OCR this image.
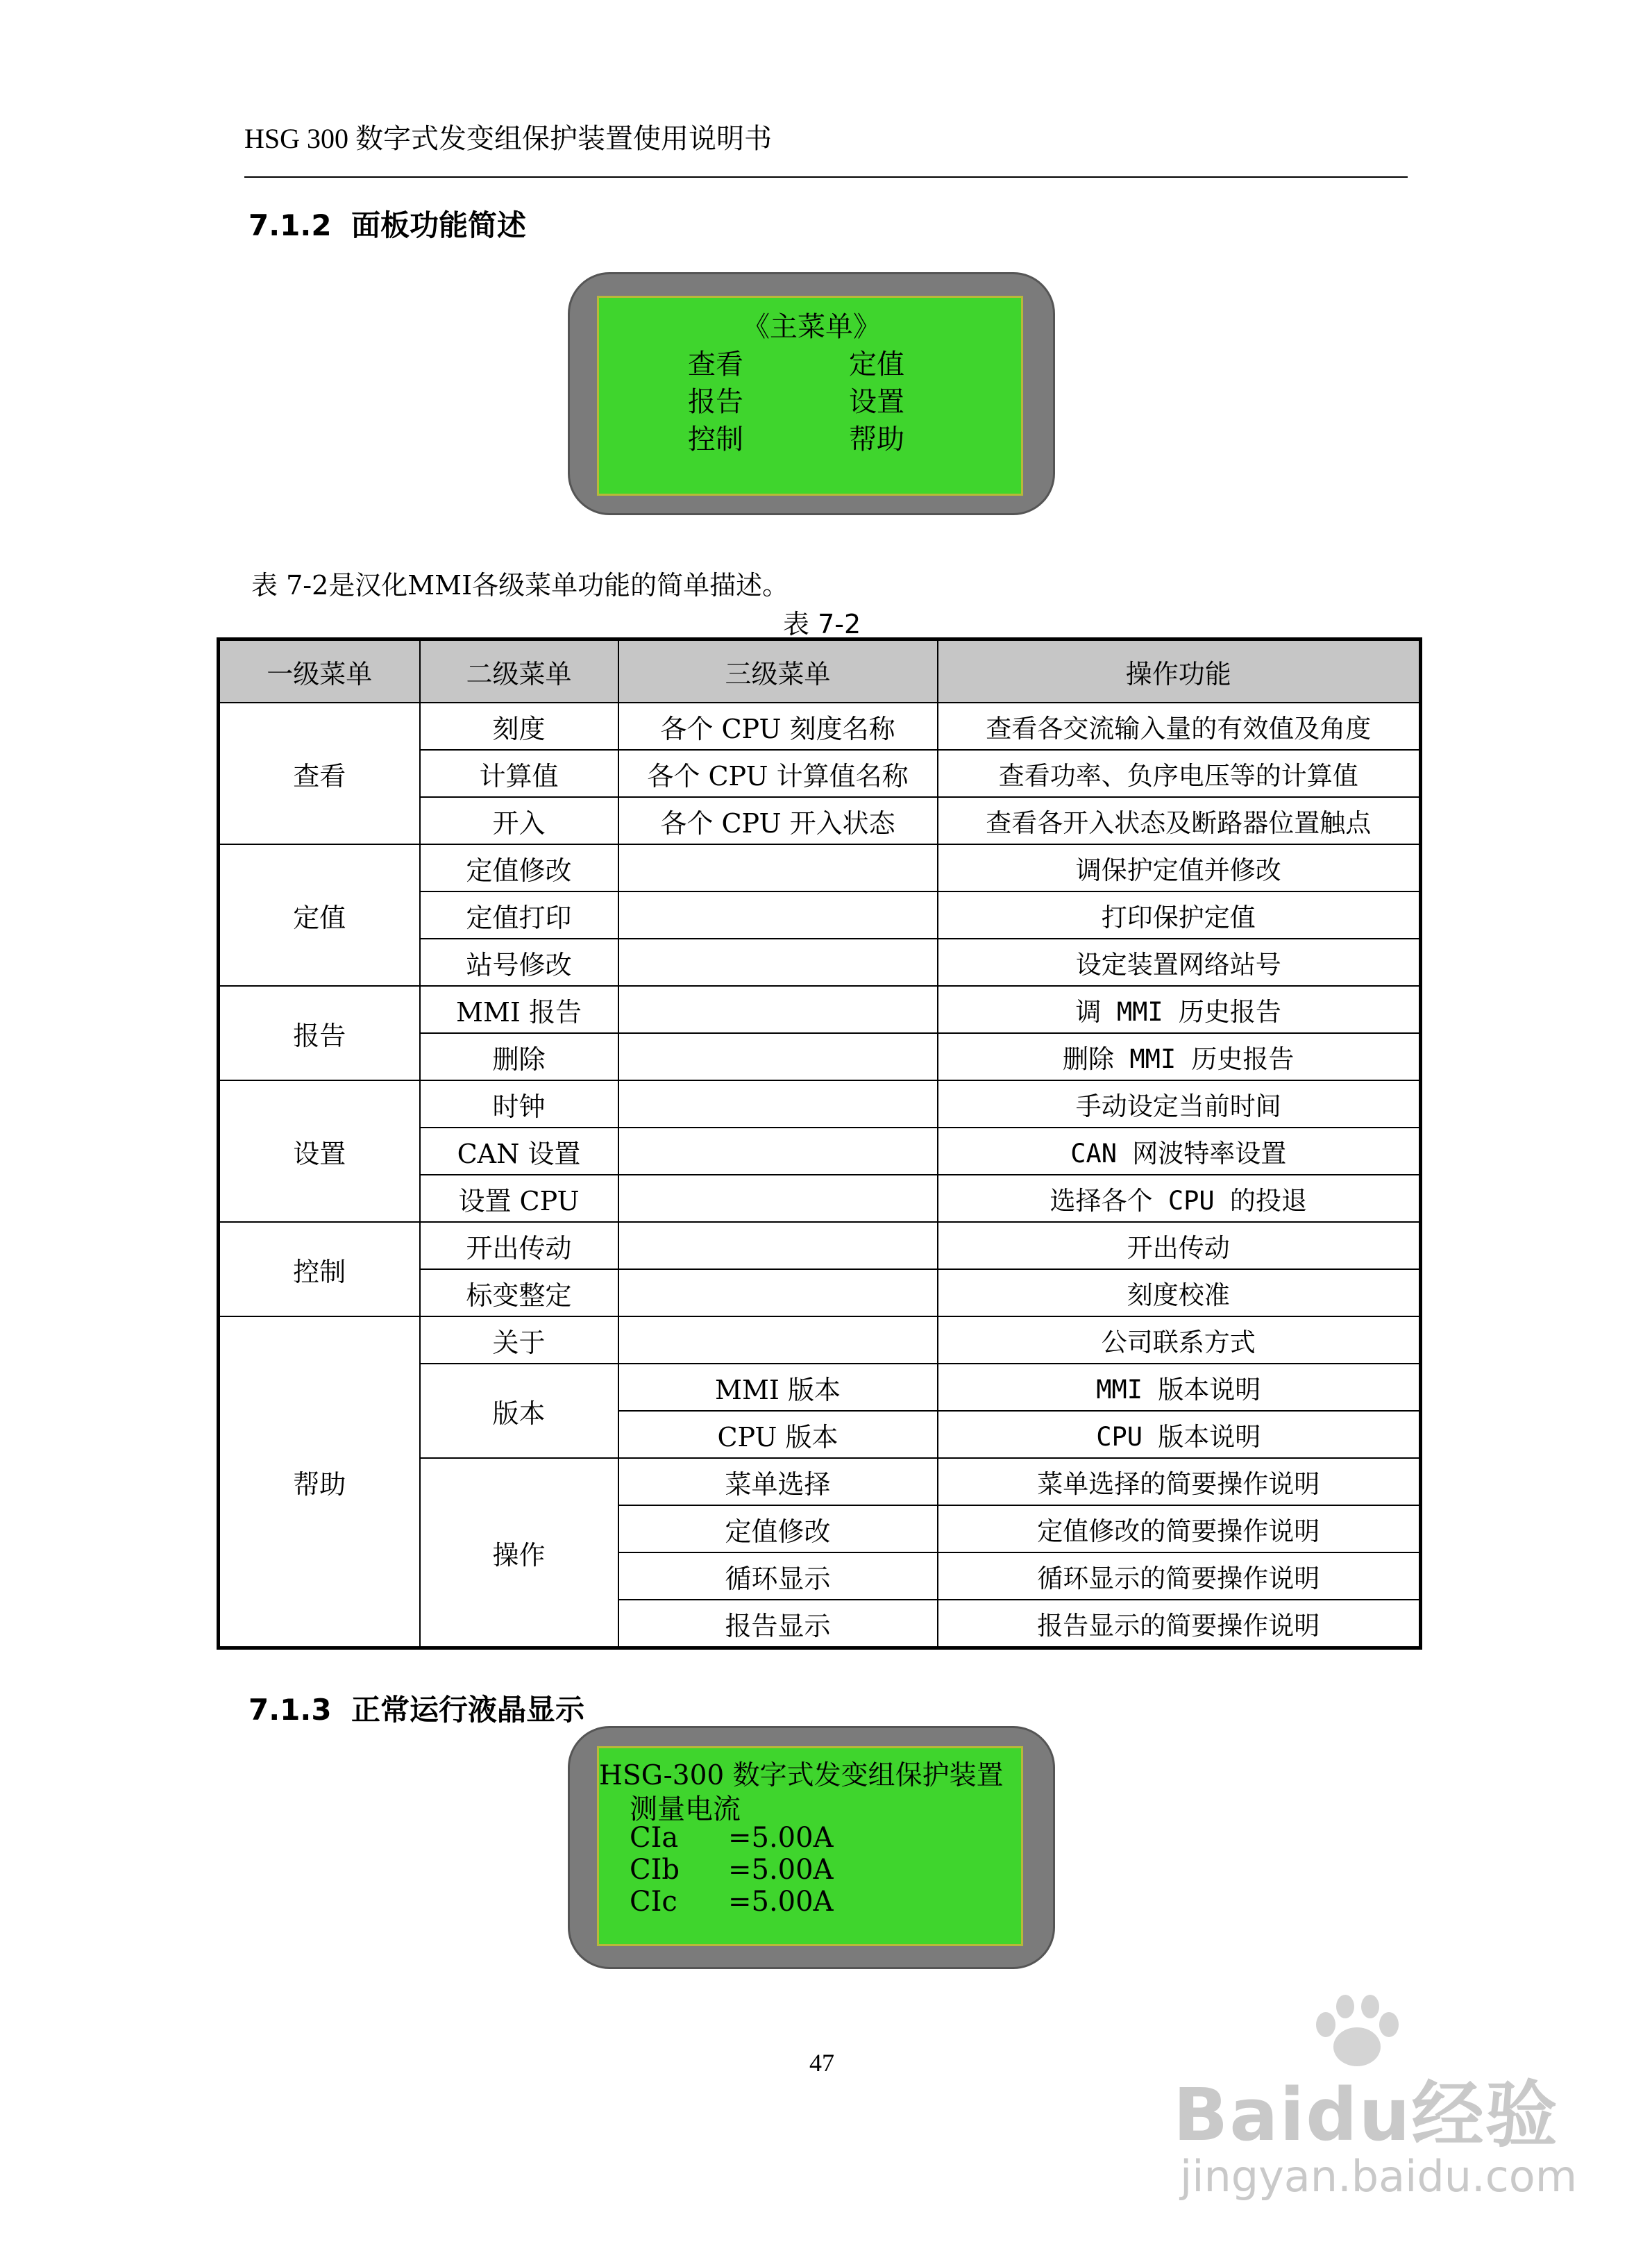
HSG 300 数字式发变组保护装置使用说明书
7.1.2 面板功能简述
《主菜单》
查看	定值
报告	设置
控制	帮助
表 7-2是汉化MMI各级菜单功能的简单描述。
表 7-2
一级菜单	二级菜单	三级菜单	操作功能
查看	刻度	各个 CPU 刻度名称	查看各交流输入量的有效值及角度
	计算值	各个 CPU 计算值名称	查看功率、负序电压等的计算值
	开入	各个 CPU 开入状态	查看各开入状态及断路器位置触点
定值	定值修改		调保护定值并修改
	定值打印		打印保护定值
	站号修改		设定装置网络站号
报告	MMI 报告		调 MMI 历史报告
	删除		删除 MMI 历史报告
设置	时钟		手动设定当前时间
	CAN 设置		CAN 网波特率设置
	设置 CPU		选择各个 CPU 的投退
控制	开出传动		开出传动
	标变整定		刻度校准
帮助	关于		公司联系方式
	版本	MMI 版本	MMI 版本说明
		CPU 版本	CPU 版本说明
	操作	菜单选择	菜单选择的简要操作说明
		定值修改	定值修改的简要操作说明
		循环显示	循环显示的简要操作说明
		报告显示	报告显示的简要操作说明
7.1.3 正常运行液晶显示
HSG-300 数字式发变组保护装置
测量电流
CIa =5.00A
CIb =5.00A
CIc =5.00A
47
Baidu经验
jingyan.baidu.com
